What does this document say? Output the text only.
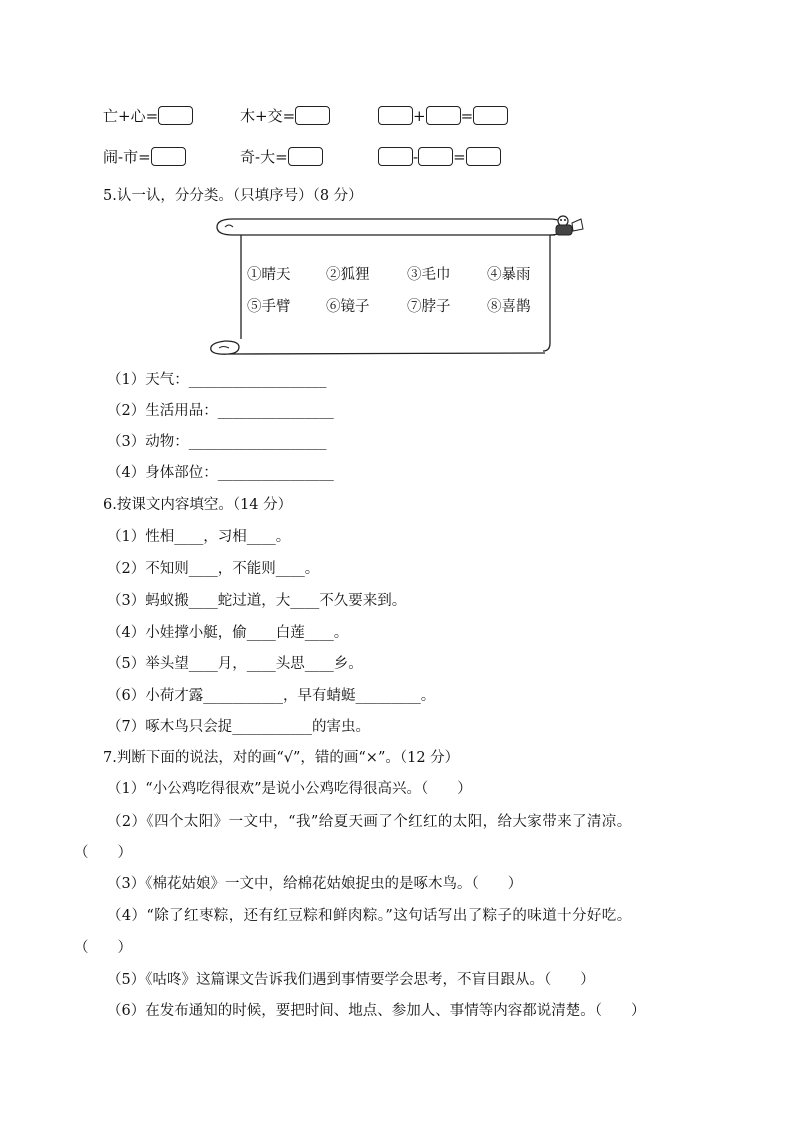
亡+心=	木+交=	+ =
闹-市=	奇-大=	- =
5.认一认，分分类。（只填序号）（8 分）
①晴天 ②狐狸	③毛巾	④暴雨
⑤手臂 ⑥镜子	⑦脖子	⑧喜鹊
（1）天气：___________________
（2）生活用品：________________
（3）动物：___________________
（4）身体部位：________________
6.按课文内容填空。（14 分）
（1）性相____，习相____。
（2）不知则____，不能则____。
（3）蚂蚁搬____蛇过道，大____不久要来到。
（4）小娃撑小艇，偷____白莲____。
（5）举头望____月，____头思____乡。
（6）小荷才露___________，早有蜻蜓_________。
（7）啄木鸟只会捉___________的害虫。
7.判断下面的说法，对的画“√”，错的画“×”。（12 分）
（1）“小公鸡吃得很欢”是说小公鸡吃得很高兴。（　　）
（2）《四个太阳》一文中，“我”给夏天画了个红红的太阳，给大家带来了清凉。
（　　）
（3）《棉花姑娘》一文中，给棉花姑娘捉虫的是啄木鸟。（　　）
（4）“除了红枣粽，还有红豆粽和鲜肉粽。”这句话写出了粽子的味道十分好吃。
（　　）
（5）《咕咚》这篇课文告诉我们遇到事情要学会思考，不盲目跟从。（　　）
（6）在发布通知的时候，要把时间、地点、参加人、事情等内容都说清楚。（　　）
